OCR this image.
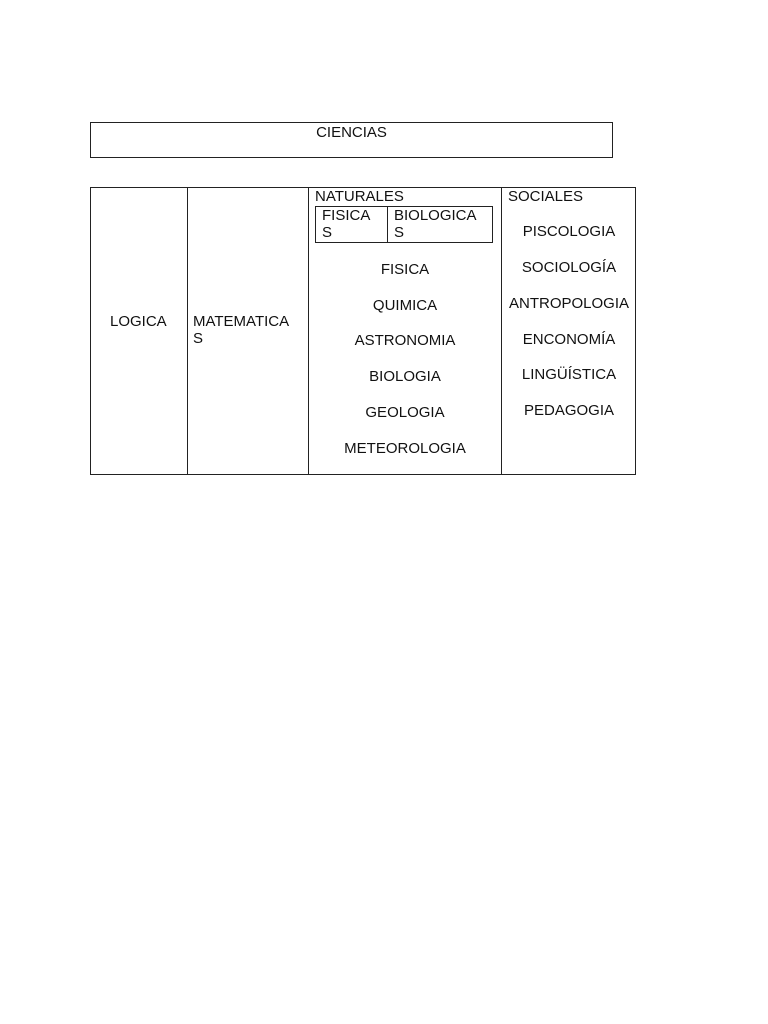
CIENCIAS
LOGICA MATEMATICA
S
NATURALES
FISICA
S
BIOLOGICA
S
FISICA
QUIMICA
ASTRONOMIA
BIOLOGIA
GEOLOGIA
METEOROLOGIA
SOCIALES
PISCOLOGIA
SOCIOLOGÍA
ANTROPOLOGIA
ENCONOMÍA
LINGÜÍSTICA
PEDAGOGIA
